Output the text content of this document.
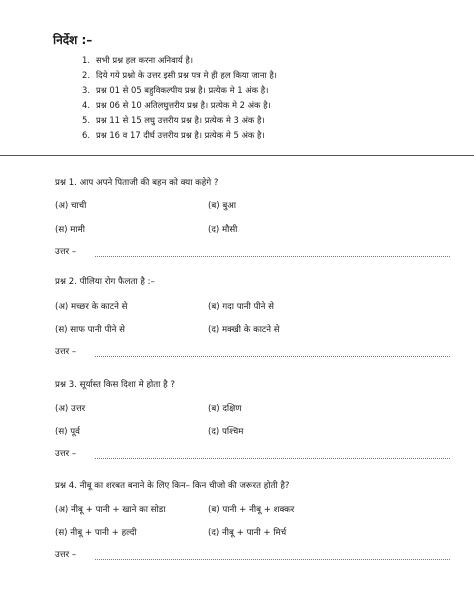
निर्देश :–
1. सभी प्रश्न हल करना अनिवार्य है।
2. दिये गये प्रश्नो के उत्तर इसी प्रश्न पत्र मे ही हल किया जाना है।
3. प्रश्न 01 से 05 बहुविकल्पीय प्रश्न है। प्रत्येक मे 1 अंक है।
4. प्रश्न 06 से 10 अतिलघुत्तरीय प्रश्न है। प्रत्येक मे 2 अंक है।
5. प्रश्न 11 से 15 लघु उत्तरीय प्रश्न है। प्रत्येक मे 3 अंक है।
6. प्रश्न 16 व 17 दीर्घ उत्तरीय प्रश्न है। प्रत्येक मे 5 अंक है।
प्रश्न 1. आप अपने पिताजी की बहन को क्या कहेगे ?
(अ) चाची	(ब) बुआ
(स) मामी	(द) मौसी
उत्तर –
प्रश्न 2. पीलिया रोग फैलता है :–
(अ) मच्छर के काटने से	(ब) गदा पानी पीने से
(स) साफ पानी पीने से	(द) मक्खी के काटने से
उत्तर –
प्रश्न 3. सूर्यास्त किस दिशा मे होता है ?
(अ) उत्तर	(ब) दक्षिण
(स) पूर्व	(द) पश्चिम
उत्तर –
प्रश्न 4. नीबू का शरबत बनाने के लिए किन– किन चीजो की जरूरत होती है?
(अ) नीबू + पानी + खाने का सोडा	(ब) पानी + नीबू + शक्कर
(स) नीबू + पानी + हल्दी	(द) नीबू + पानी + मिर्च
उत्तर –
